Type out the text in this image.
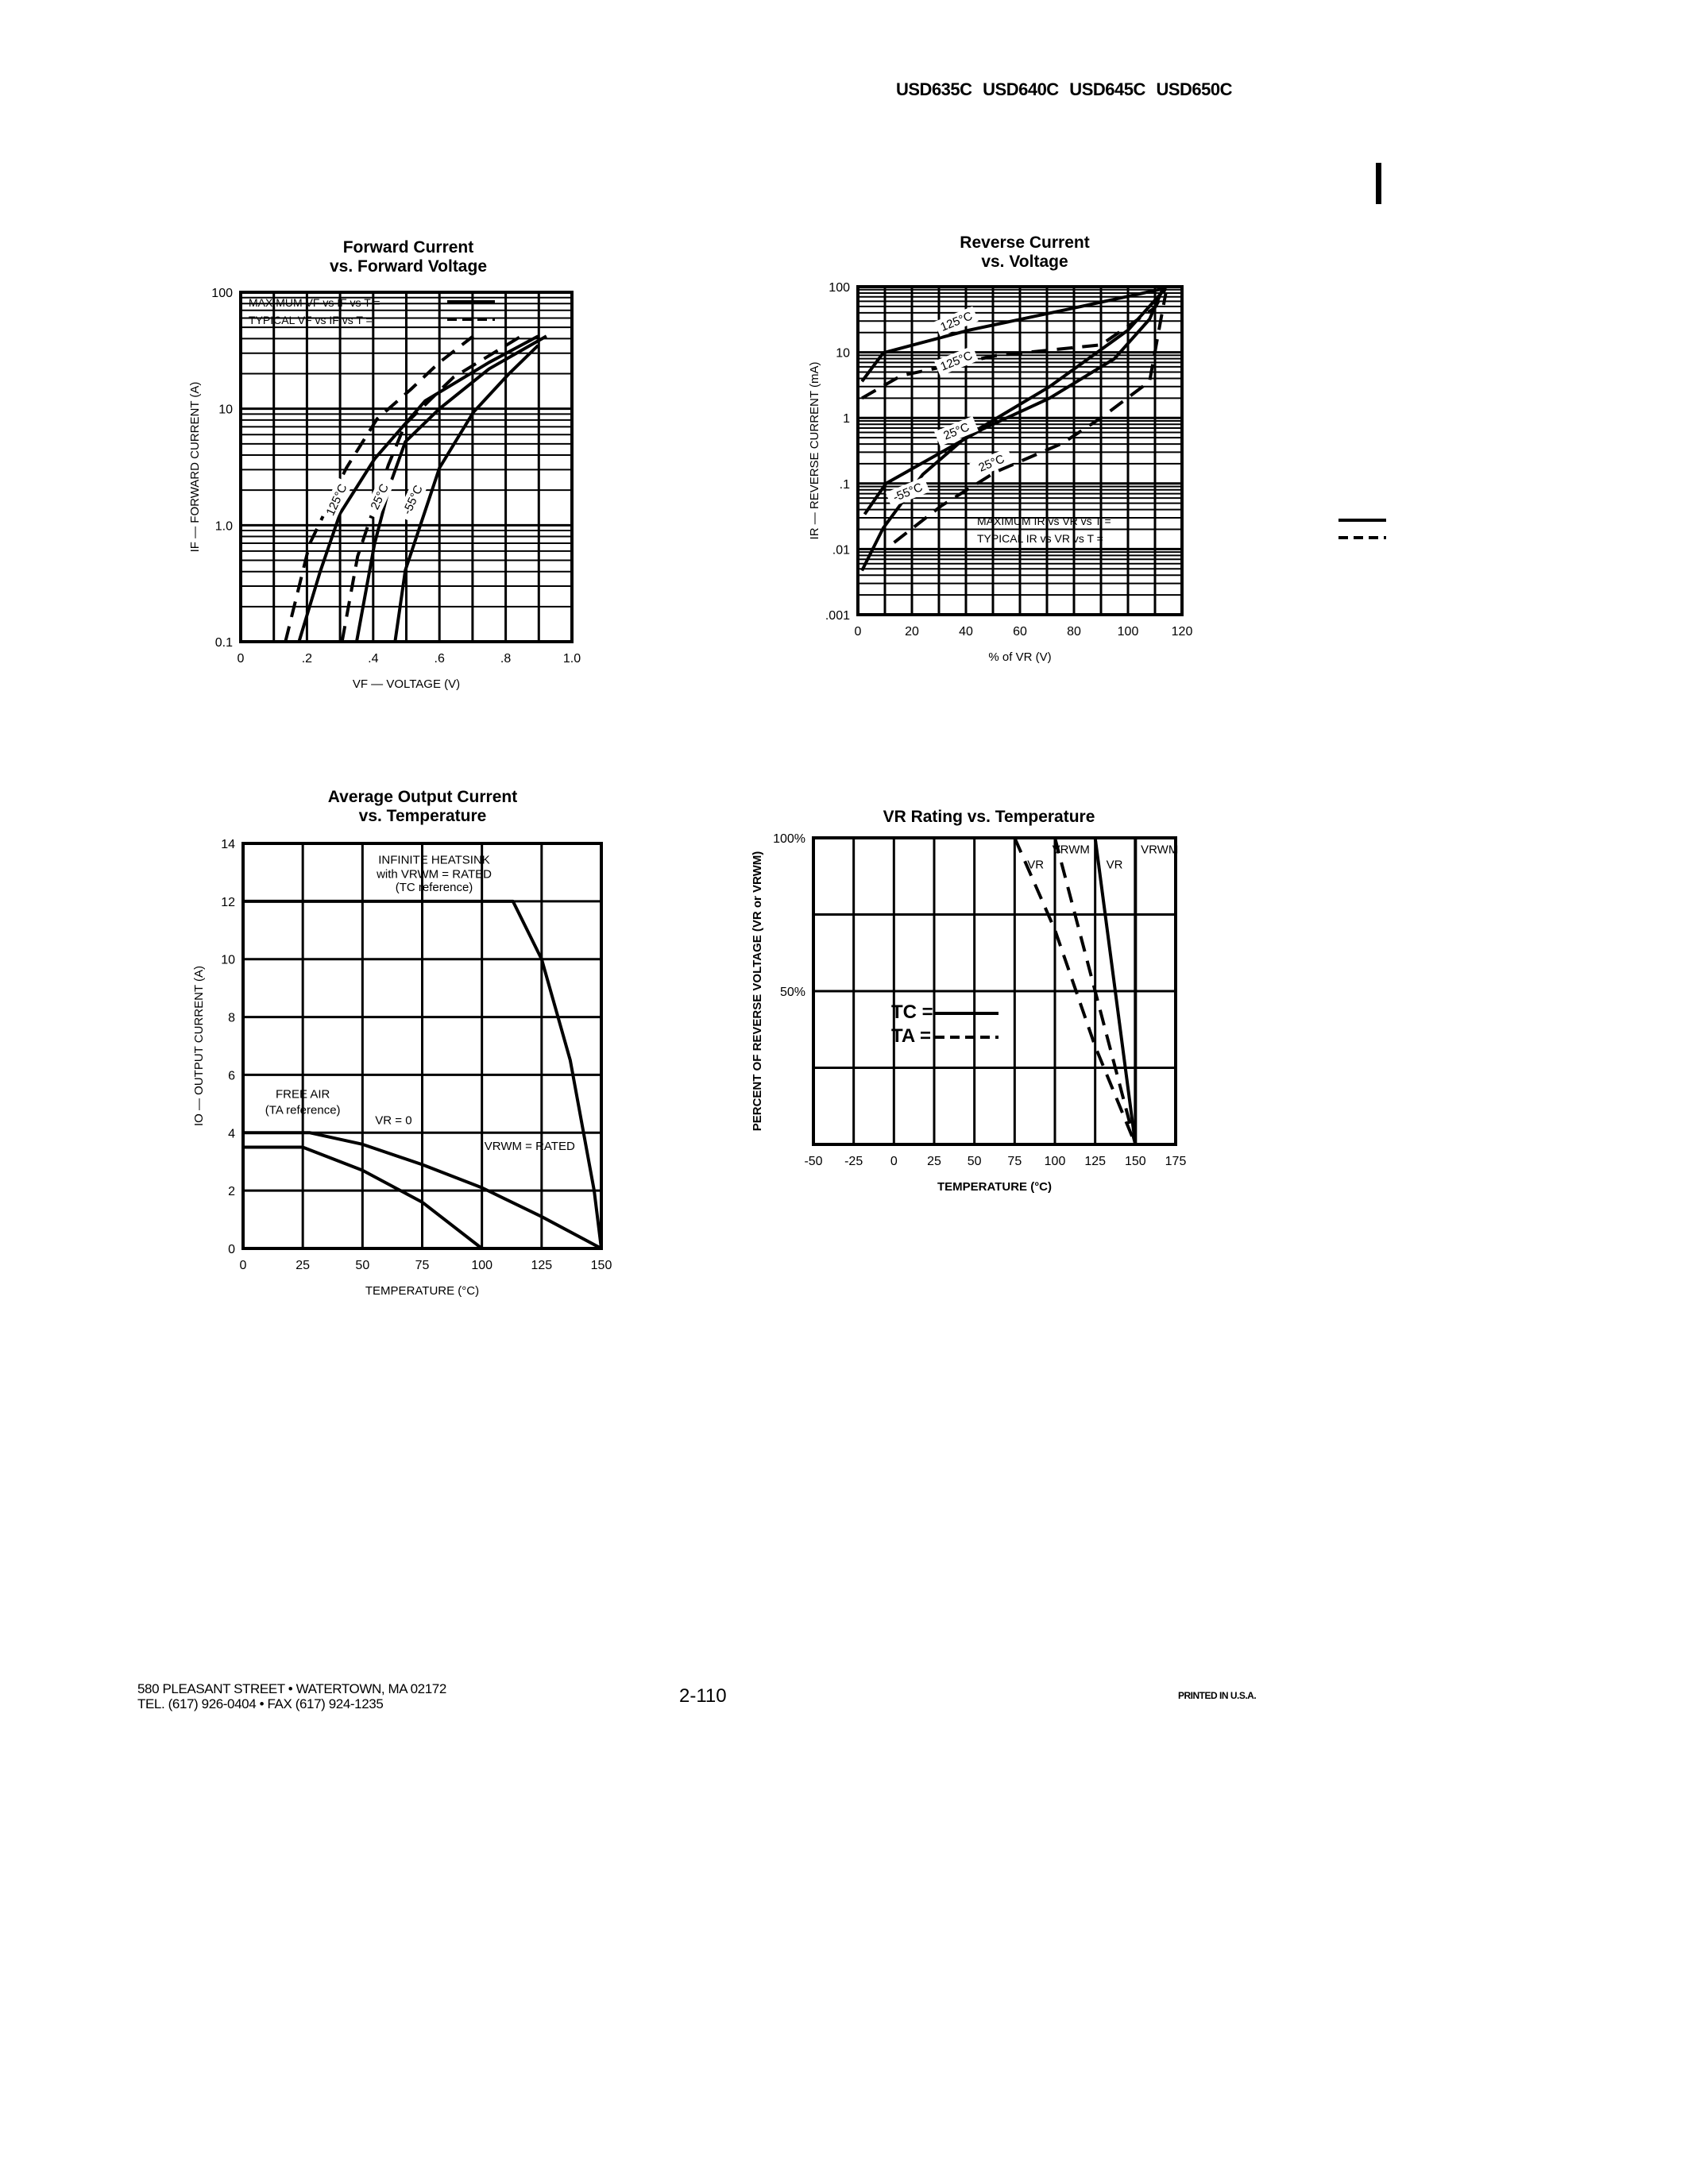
USD635C USD640C USD645C USD650C
Forward Current
vs. Forward Voltage
0	.2	.4	.6	.8	1.0
0.1
1.0
10
100
VF — VOLTAGE (V)
IF — FORWARD CURRENT (A)
MAXIMUM VF vs IF vs T =
TYPICAL VF vs IF vs T =
125°C 25°C -55°C
Reverse Current
vs. Voltage
0	20	40	60	80	100	120
.001
.01
.1
1
10
100
% of VR (V)
IR — REVERSE CURRENT (mA)	MAXIMUM IR vs VR vs T =
TYPICAL IR vs VR vs T =
125°C
125°C
25°C
-55°C
25°C
Average Output Current
vs. Temperature
0	25	50	75	100	125	150
0
2
4
6
8
10
12
14
TEMPERATURE (°C)
IO — OUTPUT CURRENT (A)
INFINITE HEATSINK
with VRWM = RATED
(TC reference)
FREE AIR
(TA reference)
VR = 0
VRWM = RATED
VR Rating vs. Temperature
-50 -25 0 25 50 75 100 125 150 175
50%
100%
TEMPERATURE (°C)
PERCENT OF REVERSE VOLTAGE (VR or VRWM)	TC =
TA =
VR
VRWM
VR
VRWM
580 PLEASANT STREET • WATERTOWN, MA 02172
TEL. (617) 926-0404 • FAX (617) 924-1235	2-110	PRINTED IN U.S.A.
